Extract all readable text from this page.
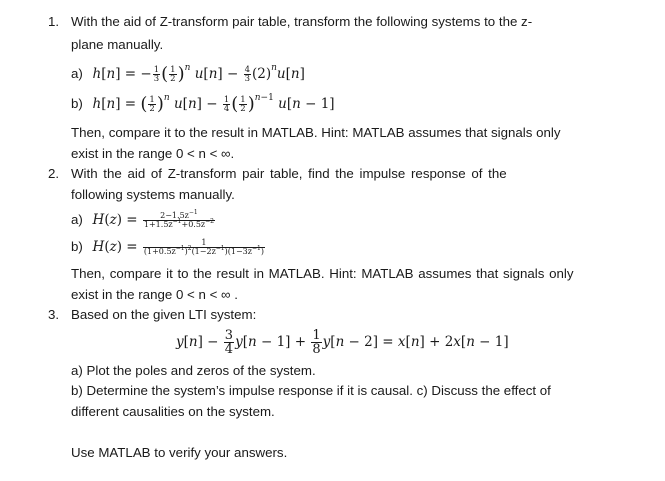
1. With the aid of Z-transform pair table, transform the following systems to the z-
plane manually.
a) h[n] = − $\frac{1}{3}$ ( $\frac{1}{2} )^n$ $u[n] - \frac{4}{3} (2)^nu[n]$
b) h[n] = ( $\frac{1}{2} )^n$ $u[n] - \frac{1}{4}$ ( $\frac{1}{2} )^{n-1}$ u[n − 1]
Then, compare it to the result in MATLAB. Hint: MATLAB assumes that signals only
exist in the range 0 < n < ∞.
2. With the aid of Z-transform pair table, find the impulse response of the
following systems manually.
a) $H(z) = \frac{2-1.5z^{-1}}{1+1.5z^{-1}+0.5z^{-2}}$
b) $H(z) = \frac{1}{(1+0.5z^{-1})^2(1-2z^{-1})(1-3z^{-1})}$
Then, compare it to the result in MATLAB. Hint: MATLAB assumes that signals only
exist in the range 0 < n < ∞ .
3. Based on the given LTI system:
$y[n] - \frac{3}{4} y[n - 1] + \frac{1}{8} y[n - 2] = x[n] + 2x[n - 1]$
a) Plot the poles and zeros of the system.
b) Determine the system’s impulse response if it is causal. c) Discuss the effect of
different causalities on the system.
Use MATLAB to verify your answers.
